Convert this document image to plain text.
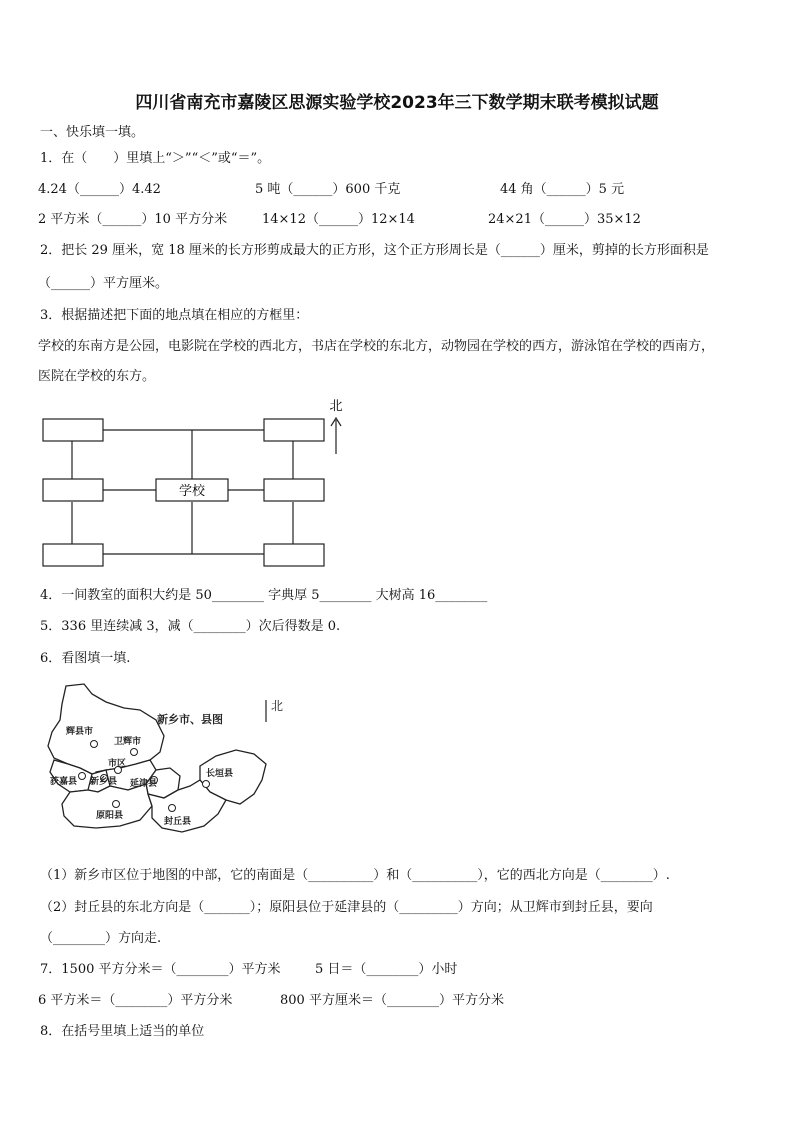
四川省南充市嘉陵区思源实验学校2023年三下数学期末联考模拟试题
一、快乐填一填。
1．在（　　）里填上“＞”“＜”或“＝”。
4.24（______）4.42	5 吨（______）600 千克	44 角（______）5 元
2 平方米（______）10 平方分米	14×12（______）12×14	24×21（______）35×12
2．把长 29 厘米，宽 18 厘米的长方形剪成最大的正方形，这个正方形周长是（______）厘米，剪掉的长方形面积是
（______）平方厘米。
3．根据描述把下面的地点填在相应的方框里：
学校的东南方是公园，电影院在学校的西北方，书店在学校的东北方，动物园在学校的西方，游泳馆在学校的西南方，
医院在学校的东方。
学校
北
4．一间教室的面积大约是 50________ 字典厚 5________ 大树高 16________
5．336 里连续减 3，减（________）次后得数是 0.
6．看图填一填.
辉县市
卫辉市
获嘉县 新乡县
市区
延津县
长垣县
原阳县
封丘县
新乡市、县图
北
（1）新乡市区位于地图的中部，它的南面是（__________）和（__________），它的西北方向是（________）.
（2）封丘县的东北方向是（_______）；原阳县位于延津县的（_________）方向；从卫辉市到封丘县，要向
（________）方向走.
7．1500 平方分米＝（________）平方米	5 日＝（________）小时
6 平方米＝（________）平方分米	800 平方厘米＝（________）平方分米
8．在括号里填上适当的单位
